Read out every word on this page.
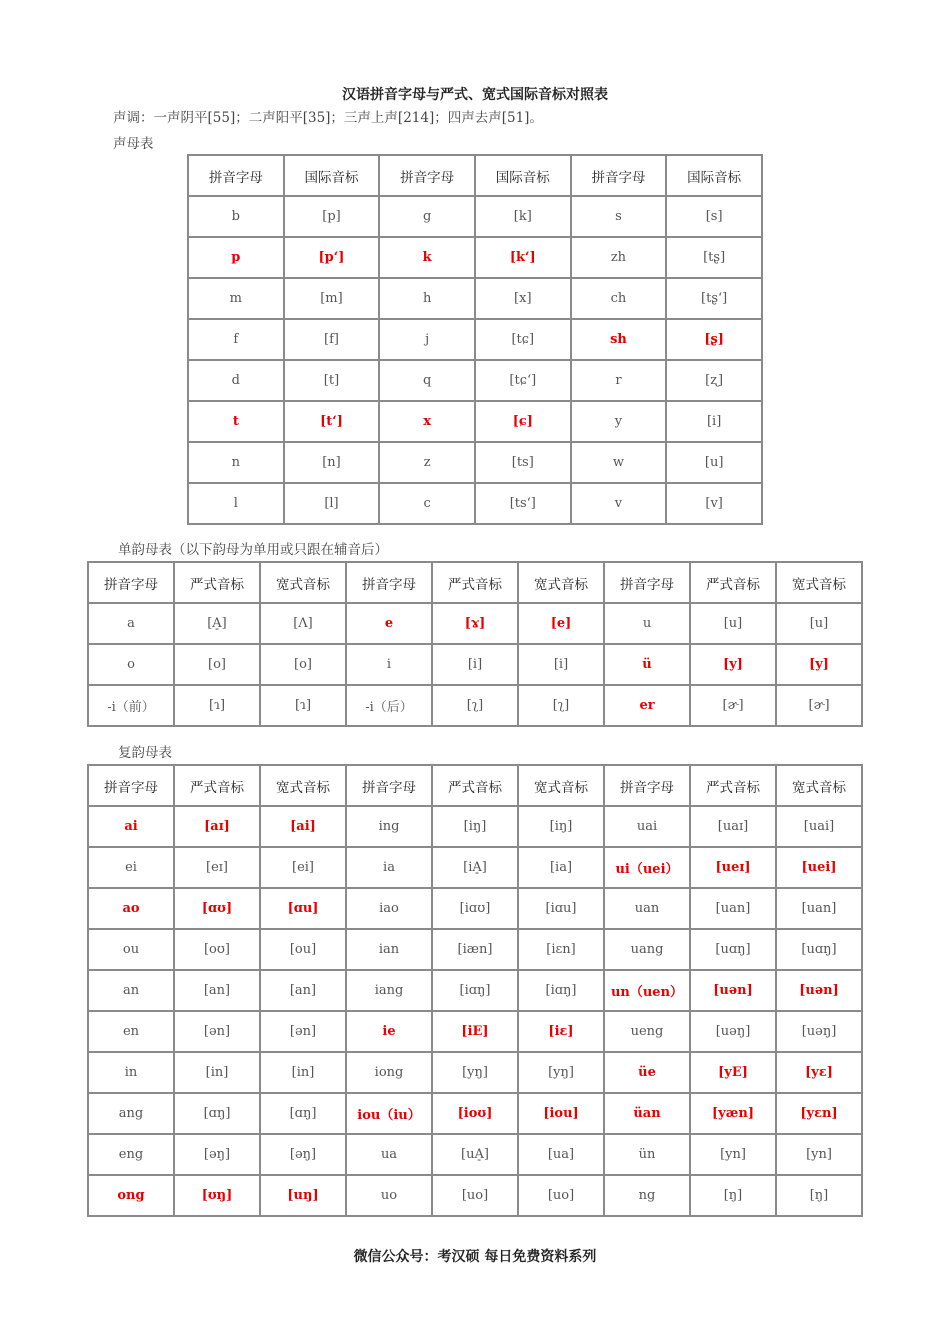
汉语拼音字母与严式、宽式国际音标对照表
声调：一声阴平[55]；二声阳平[35]；三声上声[214]；四声去声[51]。
声母表
拼音字母	国际音标	拼音字母	国际音标	拼音字母	国际音标
b	[p]	g	[k]	s	[s]
p	[pʻ]	k	[kʻ]	zh	[tʂ]
m	[m]	h	[x]	ch	[tʂʻ]
f	[f]	j	[tɕ]	sh	[ʂ]
d	[t]	q	[tɕʻ]	r	[ʐ]
t	[tʻ]	x	[ɕ]	y	[i]
n	[n]	z	[ts]	w	[u]
l	[l]	c	[tsʻ]	v	[v]
单韵母表（以下韵母为单用或只跟在辅音后）
拼音字母	严式音标	宽式音标	拼音字母	严式音标	宽式音标	拼音字母	严式音标	宽式音标
a	[A̠]	[Λ]	e	[ɤ]	[e]	u	[u]	[u]
o	[o]	[o]	i	[i]	[i]	ü	[y]	[y]
-i（前）	[ɿ]	[ɿ]	-i（后）	[ʅ]	[ʅ]	er	[ɚ]	[ɚ]
复韵母表
拼音字母	严式音标	宽式音标	拼音字母	严式音标	宽式音标	拼音字母	严式音标	宽式音标
ai	[aɪ]	[ai]	ing	[iŋ]	[iŋ]	uai	[uaɪ]	[uai]
ei	[eɪ]	[ei]	ia	[iA̠]	[ia]	ui（uei）	[ueɪ]	[uei]
ao	[ɑʊ]	[ɑu]	iao	[iɑʊ]	[iɑu]	uan	[uan]	[uan]
ou	[oʊ]	[ou]	ian	[iæn]	[iɛn]	uang	[uɑŋ]	[uɑŋ]
an	[an]	[an]	iang	[iɑŋ]	[iɑŋ]	un（uen）	[uən]	[uən]
en	[ən]	[ən]	ie	[iE]	[iɛ]	ueng	[uəŋ]	[uəŋ]
in	[in]	[in]	iong	[yŋ]	[yŋ]	üe	[yE]	[yɛ]
ang	[ɑŋ]	[ɑŋ]	iou（iu）	[ioʊ]	[iou]	üan	[yæn]	[yɛn]
eng	[əŋ]	[əŋ]	ua	[uA̠]	[ua]	ün	[yn]	[yn]
ong	[ʊŋ]	[uŋ]	uo	[uo]	[uo]	ng	[ŋ]	[ŋ]
微信公众号：考汉硕 每日免费资料系列
